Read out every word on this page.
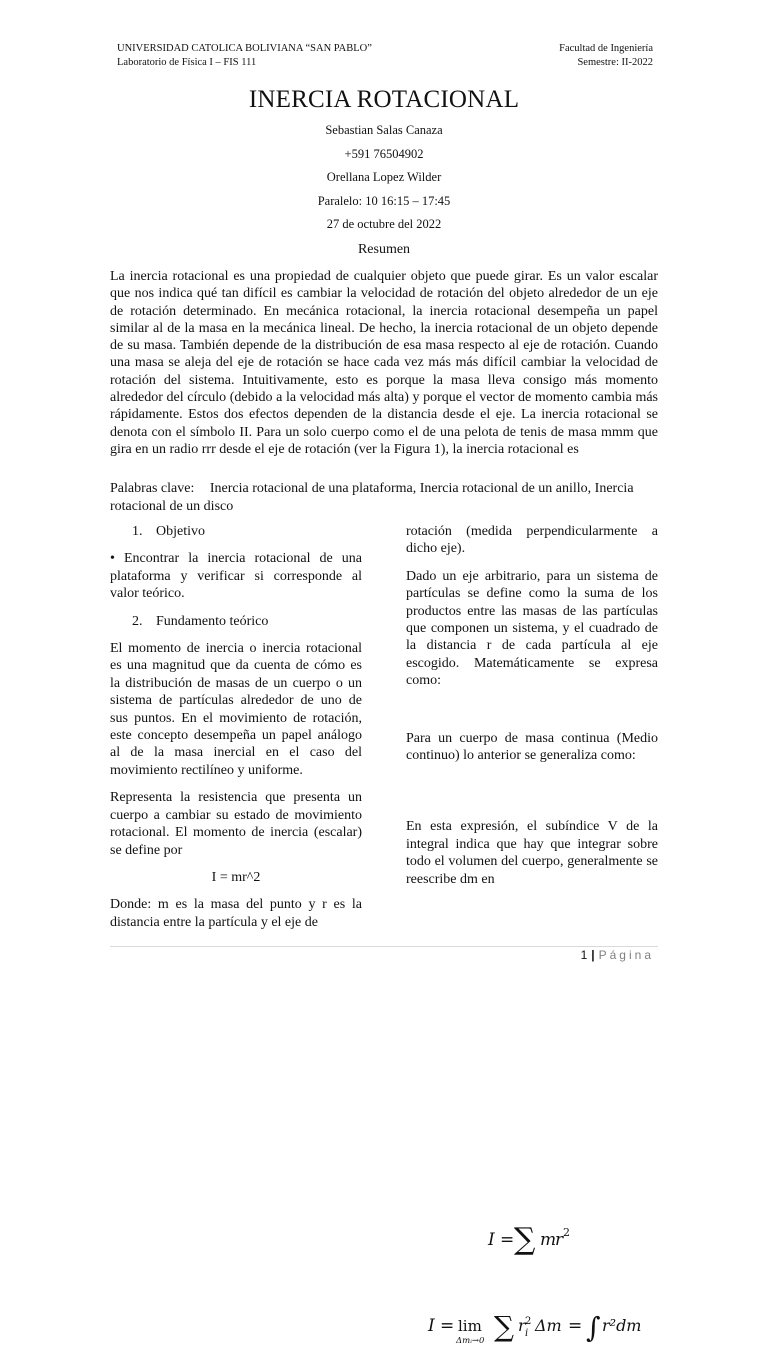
UNIVERSIDAD CATOLICA BOLIVIANA “SAN PABLO”	Facultad de Ingeniería
Laboratorio de Física I – FIS 111	Semestre: II-2022
INERCIA ROTACIONAL
Sebastian Salas Canaza
+591 76504902
Orellana Lopez Wilder
Paralelo: 10 16:15 – 17:45
27 de octubre del 2022
Resumen
La inercia rotacional es una propiedad de cualquier objeto que puede girar. Es un valor escalar que nos indica qué tan difícil es cambiar la velocidad de rotación del objeto alrededor de un eje de rotación determinado. En mecánica rotacional, la inercia rotacional desempeña un papel similar al de la masa en la mecánica lineal. De hecho, la inercia rotacional de un objeto depende de su masa. También depende de la distribución de esa masa respecto al eje de rotación. Cuando una masa se aleja del eje de rotación se hace cada vez más más difícil cambiar la velocidad de rotación del sistema. Intuitivamente, esto es porque la masa lleva consigo más momento alrededor del círculo (debido a la velocidad más alta) y porque el vector de momento cambia más rápidamente. Estos dos efectos dependen de la distancia desde el eje. La inercia rotacional se denota con el símbolo II. Para un solo cuerpo como el de una pelota de tenis de masa mmm que gira en un radio rrr desde el eje de rotación (ver la Figura 1), la inercia rotacional es
Palabras clave: Inercia rotacional de una plataforma, Inercia rotacional de un anillo, Inercia rotacional de un disco

1. Objetivo

• Encontrar la inercia rotacional de una plataforma y verificar si corresponde al valor teórico.

2. Fundamento teórico

El momento de inercia o inercia rotacional es una magnitud que da cuenta de cómo es la distribución de masas de un cuerpo o un sistema de partículas alrededor de uno de sus puntos. En el movimiento de rotación, este concepto desempeña un papel análogo al de la masa inercial en el caso del movimiento rectilíneo y uniforme.

Representa la resistencia que presenta un cuerpo a cambiar su estado de movimiento rotacional. El momento de inercia (escalar) se define por

I = mr^2

Donde: m es la masa del punto y r es la distancia entre la partícula y el eje de

rotación (medida perpendicularmente a dicho eje).

Dado un eje arbitrario, para un sistema de partículas se define como la suma de los productos entre las masas de las partículas que componen un sistema, y el cuadrado de la distancia r de cada partícula al eje escogido. Matemáticamente se expresa como:

I = ∑ m
r 2

Para un cuerpo de masa continua (Medio continuo) lo anterior se generaliza como:

I = lim
Δmᵢ→0 ∑ r 2
i Δm = ∫ r²dm

En esta expresión, el subíndice V de la integral indica que hay que integrar sobre todo el volumen del cuerpo, generalmente se reescribe dm en

1 | Página
